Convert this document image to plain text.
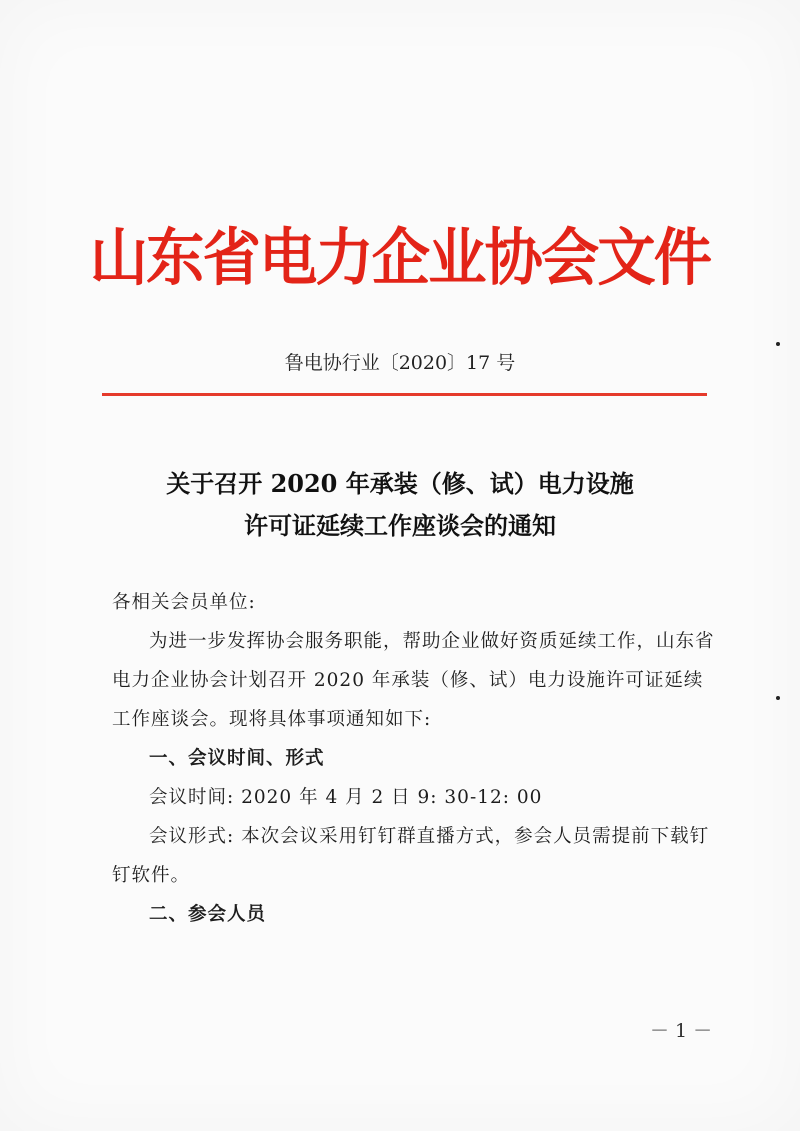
山东省电力企业协会文件
鲁电协行业〔2020〕17 号
关于召开 2020 年承装（修、试）电力设施
许可证延续工作座谈会的通知

各相关会员单位:

为进一步发挥协会服务职能，帮助企业做好资质延续工作，山东省电力企业协会计划召开 2020 年承装（修、试）电力设施许可证延续工作座谈会。现将具体事项通知如下:

一、会议时间、形式

会议时间: 2020 年 4 月 2 日 9: 30-12: 00

会议形式: 本次会议采用钉钉群直播方式，参会人员需提前下载钉钉软件。

二、参会人员

－ 1 －
